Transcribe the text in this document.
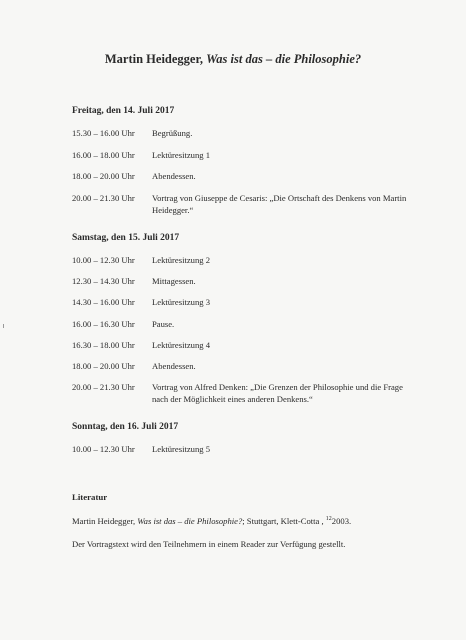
Martin Heidegger, Was ist das – die Philosophie?
Freitag, den 14. Juli 2017
15.30 – 16.00 Uhr	Begrüßung.
16.00 – 18.00 Uhr	Lektüresitzung 1
18.00 – 20.00 Uhr	Abendessen.
20.00 – 21.30 Uhr	Vortrag von Giuseppe de Cesaris: „Die Ortschaft des Denkens von Martin Heidegger.“
Samstag, den 15. Juli 2017
10.00 – 12.30 Uhr	Lektüresitzung 2
12.30 – 14.30 Uhr	Mittagessen.
14.30 – 16.00 Uhr	Lektüresitzung 3
16.00 – 16.30 Uhr	Pause.
16.30 – 18.00 Uhr	Lektüresitzung 4
18.00 – 20.00 Uhr	Abendessen.
20.00 – 21.30 Uhr	Vortrag von Alfred Denken: „Die Grenzen der Philosophie und die Frage nach der Möglichkeit eines anderen Denkens.“
Sonntag, den 16. Juli 2017
10.00 – 12.30 Uhr	Lektüresitzung 5
Literatur
Martin Heidegger, Was ist das – die Philosophie?; Stuttgart, Klett-Cotta , $^{12}$2003.
Der Vortragstext wird den Teilnehmern in einem Reader zur Verfügung gestellt.
